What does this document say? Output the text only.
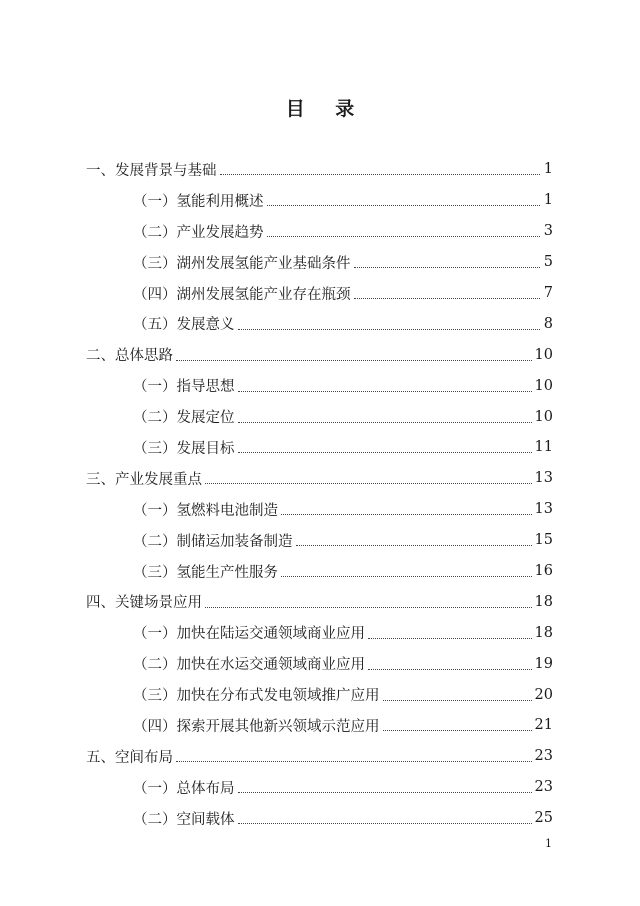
目 录
一、发展背景与基础	1
（一）氢能利用概述	1
（二）产业发展趋势	3
（三）湖州发展氢能产业基础条件	5
（四）湖州发展氢能产业存在瓶颈	7
（五）发展意义	8
二、总体思路	10
（一）指导思想	10
（二）发展定位	10
（三）发展目标	11
三、产业发展重点	13
（一）氢燃料电池制造	13
（二）制储运加装备制造	15
（三）氢能生产性服务	16
四、关键场景应用	18
（一）加快在陆运交通领域商业应用	18
（二）加快在水运交通领域商业应用	19
（三）加快在分布式发电领域推广应用	20
（四）探索开展其他新兴领域示范应用	21
五、空间布局	23
（一）总体布局	23
（二）空间载体	25
1
